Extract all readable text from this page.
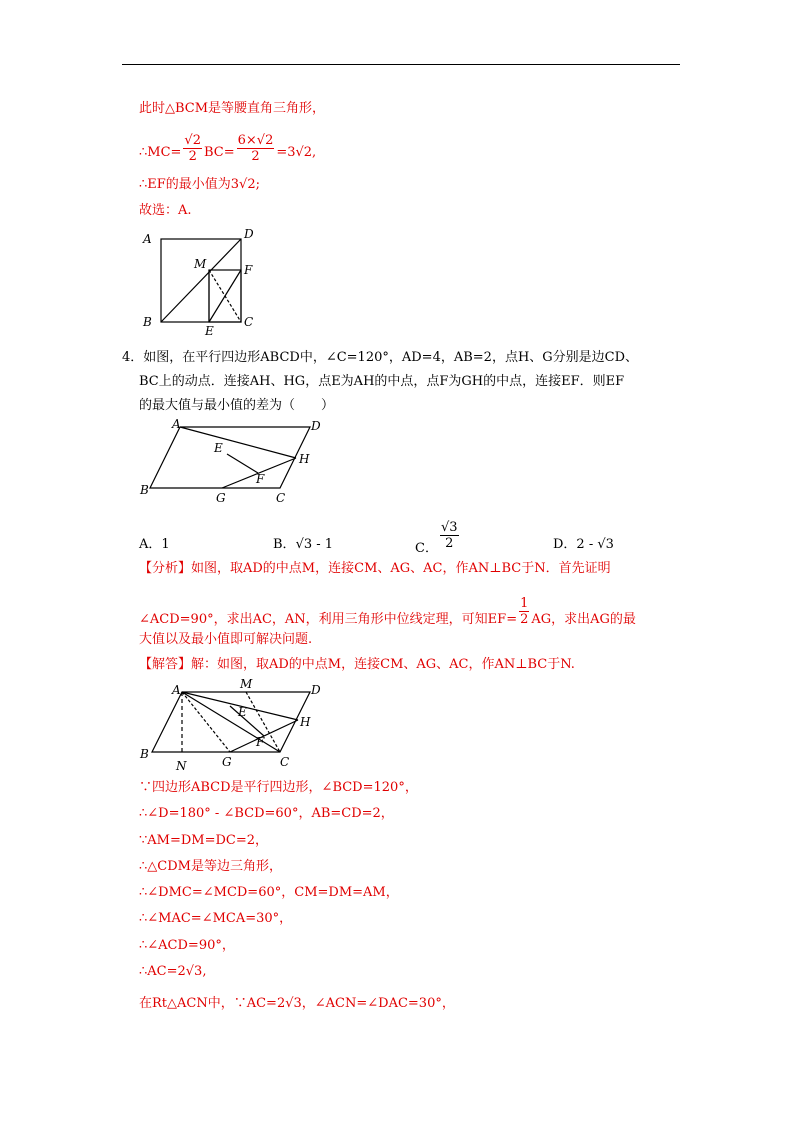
此时△BCM是等腰直角三角形，
∴MC= $\frac{√2}{2} BC= \frac{6\times√2}{2} =3√2$,
∴EF的最小值为3√2;
故选：A.
A	D
M	F
B
E
C
4．如图，在平行四边形ABCD中，∠C=120°，AD=4，AB=2，点H、G分别是边CD、
BC上的动点．连接AH、HG，点E为AH的中点，点F为GH的中点，连接EF．则EF
的最大值与最小值的差为（　　）
A	D
E
H
F
B
G	C
A．1	B．√3 - 1	C． $\frac{√3}{2}$	D．2 - √3
【分析】如图，取AD的中点M，连接CM、AG、AC，作AN⊥BC于N．首先证明
∠ACD=90°，求出AC，AN，利用三角形中位线定理，可知$EF= \frac{1}{2}$ AG，求出AG的最
大值以及最小值即可解决问题.
【解答】解：如图，取AD的中点M，连接CM、AG、AC，作AN⊥BC于N.
A	M	D
E
H
F
B
N	G	C
∵四边形ABCD是平行四边形，∠BCD=120°，
∴∠D=180° - ∠BCD=60°，AB=CD=2，
∵AM=DM=DC=2，
∴△CDM是等边三角形，
∴∠DMC=∠MCD=60°，CM=DM=AM，
∴∠MAC=∠MCA=30°，
∴∠ACD=90°，
∴AC=2√3,
在Rt△ACN中，∵AC=2√3，∠ACN=∠DAC=30°，
